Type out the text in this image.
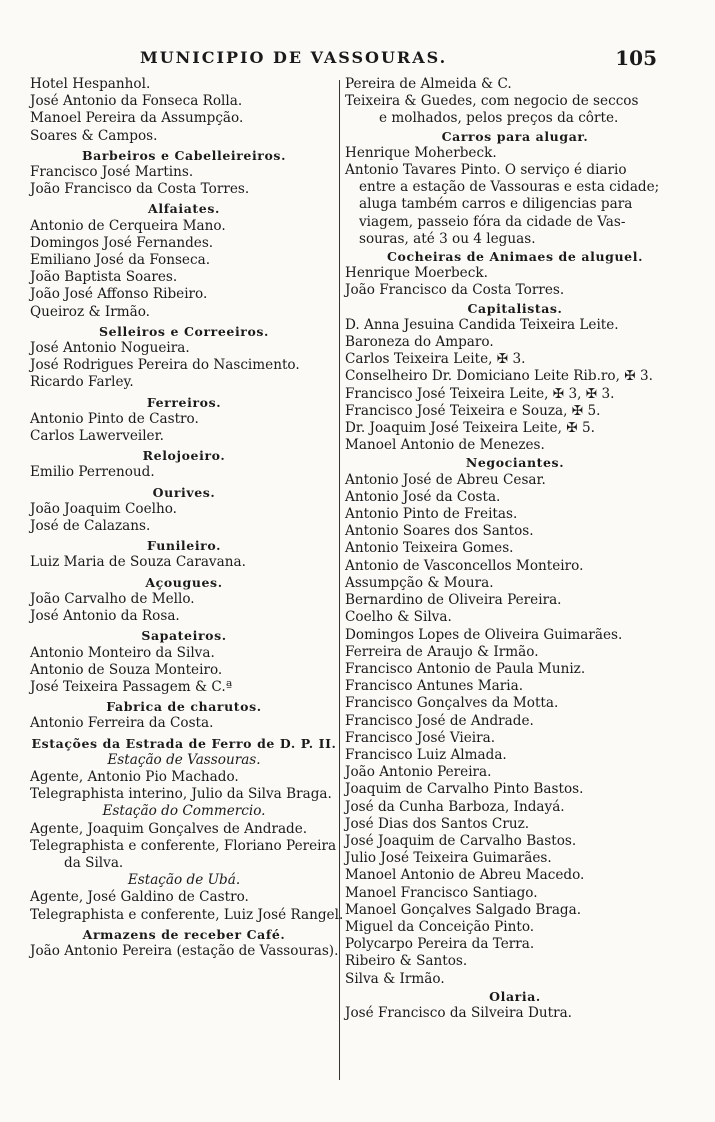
MUNICIPIO DE VASSOURAS.	105
Hotel Hespanhol.
José Antonio da Fonseca Rolla.
Manoel Pereira da Assumpção.
Soares & Campos.
Barbeiros e Cabelleireiros.
Francisco José Martins.
João Francisco da Costa Torres.
Alfaiates.
Antonio de Cerqueira Mano.
Domingos José Fernandes.
Emiliano José da Fonseca.
João Baptista Soares.
João José Affonso Ribeiro.
Queiroz & Irmão.
Selleiros e Correeiros.
José Antonio Nogueira.
José Rodrigues Pereira do Nascimento.
Ricardo Farley.
Ferreiros.
Antonio Pinto de Castro.
Carlos Lawerveiler.
Relojoeiro.
Emilio Perrenoud.
Ourives.
João Joaquim Coelho.
José de Calazans.
Funileiro.
Luiz Maria de Souza Caravana.
Açougues.
João Carvalho de Mello.
José Antonio da Rosa.
Sapateiros.
Antonio Monteiro da Silva.
Antonio de Souza Monteiro.
José Teixeira Passagem & C.ª
Fabrica de charutos.
Antonio Ferreira da Costa.
Estações da Estrada de Ferro de D. P. II.
Estação de Vassouras.
Agente, Antonio Pio Machado.
Telegraphista interino, Julio da Silva Braga.
Estação do Commercio.
Agente, Joaquim Gonçalves de Andrade.
Telegraphista e conferente, Floriano Pereira
da Silva.
Estação de Ubá.
Agente, José Galdino de Castro.
Telegraphista e conferente, Luiz José Rangel.
Armazens de receber Café.
João Antonio Pereira (estação de Vassouras).
Pereira de Almeida & C.
Teixeira & Guedes, com negocio de seccos
e molhados, pelos preços da côrte.
Carros para alugar.
Henrique Moherbeck.
Antonio Tavares Pinto. O serviço é diario
entre a estação de Vassouras e esta cidade;
aluga também carros e diligencias para
viagem, passeio fóra da cidade de Vas-
souras, até 3 ou 4 leguas.
Cocheiras de Animaes de aluguel.
Henrique Moerbeck.
João Francisco da Costa Torres.
Capitalistas.
D. Anna Jesuina Candida Teixeira Leite.
Baroneza do Amparo.
Carlos Teixeira Leite, ✠ 3.
Conselheiro Dr. Domiciano Leite Rib.ro, ✠ 3.
Francisco José Teixeira Leite, ✠ 3, ✠ 3.
Francisco José Teixeira e Souza, ✠ 5.
Dr. Joaquim José Teixeira Leite, ✠ 5.
Manoel Antonio de Menezes.
Negociantes.
Antonio José de Abreu Cesar.
Antonio José da Costa.
Antonio Pinto de Freitas.
Antonio Soares dos Santos.
Antonio Teixeira Gomes.
Antonio de Vasconcellos Monteiro.
Assumpção & Moura.
Bernardino de Oliveira Pereira.
Coelho & Silva.
Domingos Lopes de Oliveira Guimarães.
Ferreira de Araujo & Irmão.
Francisco Antonio de Paula Muniz.
Francisco Antunes Maria.
Francisco Gonçalves da Motta.
Francisco José de Andrade.
Francisco José Vieira.
Francisco Luiz Almada.
João Antonio Pereira.
Joaquim de Carvalho Pinto Bastos.
José da Cunha Barboza, Indayá.
José Dias dos Santos Cruz.
José Joaquim de Carvalho Bastos.
Julio José Teixeira Guimarães.
Manoel Antonio de Abreu Macedo.
Manoel Francisco Santiago.
Manoel Gonçalves Salgado Braga.
Miguel da Conceição Pinto.
Polycarpo Pereira da Terra.
Ribeiro & Santos.
Silva & Irmão.
Olaria.
José Francisco da Silveira Dutra.
